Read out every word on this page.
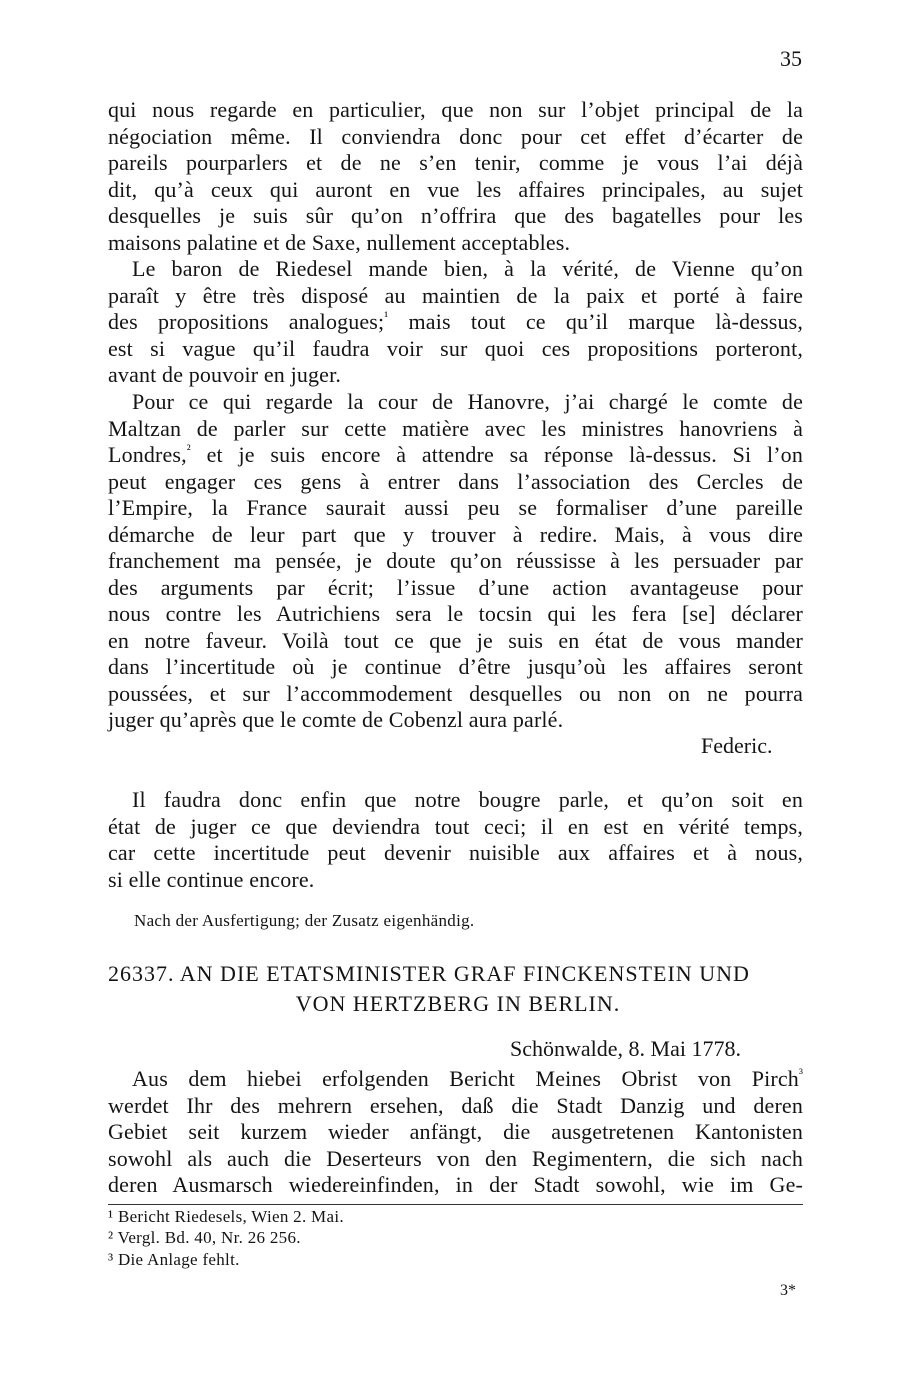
35
qui nous regarde en particulier, que non sur l’objet principal de la
négociation même. Il conviendra donc pour cet effet d’écarter de
pareils pourparlers et de ne s’en tenir, comme je vous l’ai déjà
dit, qu’à ceux qui auront en vue les affaires principales, au sujet
desquelles je suis sûr qu’on n’offrira que des bagatelles pour les
maisons palatine et de Saxe, nullement acceptables.
Le baron de Riedesel mande bien, à la vérité, de Vienne qu’on
paraît y être très disposé au maintien de la paix et porté à faire
des propositions analogues;$^{^1}$ mais tout ce qu’il marque là-dessus,
est si vague qu’il faudra voir sur quoi ces propositions porteront,
avant de pouvoir en juger.
Pour ce qui regarde la cour de Hanovre, j’ai chargé le comte de
Maltzan de parler sur cette matière avec les ministres hanovriens à
Londres,$^{^2}$ et je suis encore à attendre sa réponse là-dessus. Si l’on
peut engager ces gens à entrer dans l’association des Cercles de
l’Empire, la France saurait aussi peu se formaliser d’une pareille
démarche de leur part que y trouver à redire. Mais, à vous dire
franchement ma pensée, je doute qu’on réussisse à les persuader par
des arguments par écrit; l’issue d’une action avantageuse pour
nous contre les Autrichiens sera le tocsin qui les fera [se] déclarer
en notre faveur. Voilà tout ce que je suis en état de vous mander
dans l’incertitude où je continue d’être jusqu’où les affaires seront
poussées, et sur l’accommodement desquelles ou non on ne pourra
juger qu’après que le comte de Cobenzl aura parlé.
Federic.
Il faudra donc enfin que notre bougre parle, et qu’on soit en
état de juger ce que deviendra tout ceci; il en est en vérité temps,
car cette incertitude peut devenir nuisible aux affaires et à nous,
si elle continue encore.
Nach der Ausfertigung; der Zusatz eigenhändig.
26337. AN DIE ETATSMINISTER GRAF FINCKENSTEIN UND
VON HERTZBERG IN BERLIN.
Schönwalde, 8. Mai 1778.
Aus dem hiebei erfolgenden Bericht Meines Obrist von Pirch$^{^3}$
werdet Ihr des mehrern ersehen, daß die Stadt Danzig und deren
Gebiet seit kurzem wieder anfängt, die ausgetretenen Kantonisten
sowohl als auch die Deserteurs von den Regimentern, die sich nach
deren Ausmarsch wiedereinfinden, in der Stadt sowohl, wie im Ge-
¹ Bericht Riedesels, Wien 2. Mai.
² Vergl. Bd. 40, Nr. 26 256.
³ Die Anlage fehlt.
3*
